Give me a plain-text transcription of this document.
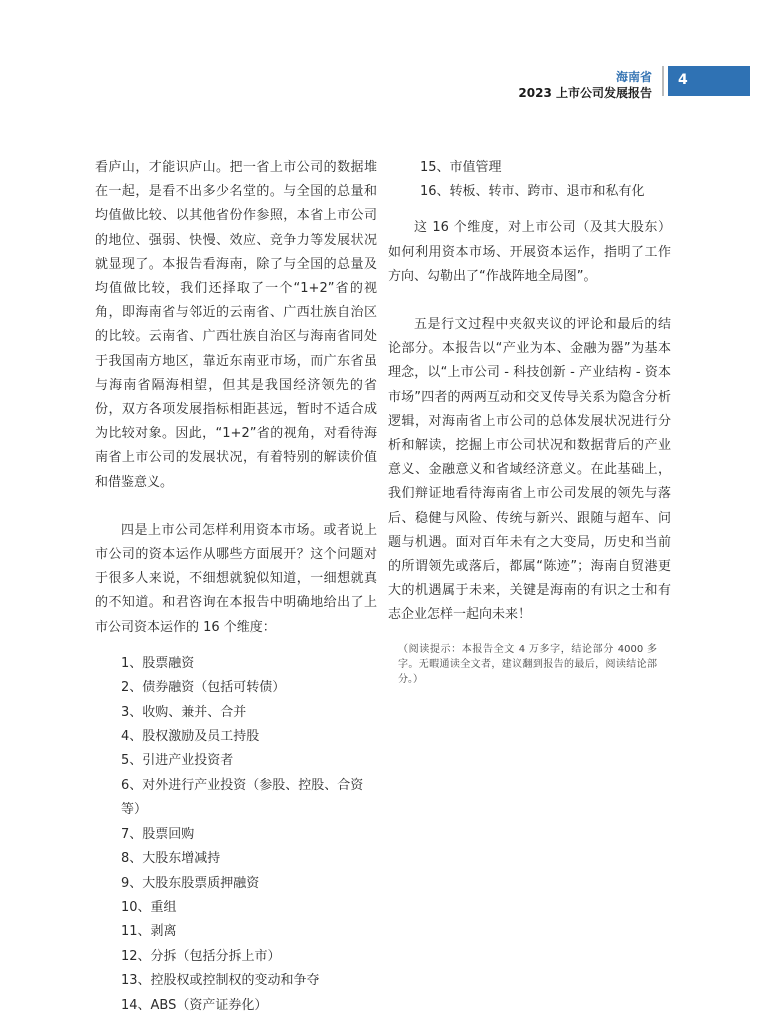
海南省
2023 上市公司发展报告
4

看庐山，才能识庐山。把一省上市公司的数据堆在一起，是看不出多少名堂的。与全国的总量和均值做比较、以其他省份作参照，本省上市公司的地位、强弱、快慢、效应、竞争力等发展状况就显现了。本报告看海南，除了与全国的总量及均值做比较，我们还择取了一个“1+2”省的视角，即海南省与邻近的云南省、广西壮族自治区的比较。云南省、广西壮族自治区与海南省同处于我国南方地区，靠近东南亚市场，而广东省虽与海南省隔海相望，但其是我国经济领先的省份，双方各项发展指标相距甚远，暂时不适合成为比较对象。因此，“1+2”省的视角，对看待海南省上市公司的发展状况，有着特别的解读价值和借鉴意义。

四是上市公司怎样利用资本市场。或者说上市公司的资本运作从哪些方面展开？这个问题对于很多人来说，不细想就貌似知道，一细想就真的不知道。和君咨询在本报告中明确地给出了上市公司资本运作的 16 个维度：

1、股票融资
2、债券融资（包括可转债）
3、收购、兼并、合并
4、股权激励及员工持股
5、引进产业投资者
6、对外进行产业投资（参股、控股、合资等）
7、股票回购
8、大股东增减持
9、大股东股票质押融资
10、重组
11、剥离
12、分拆（包括分拆上市）
13、控股权或控制权的变动和争夺
14、ABS（资产证券化）
15、市值管理
16、转板、转市、跨市、退市和私有化

这 16 个维度，对上市公司（及其大股东）如何利用资本市场、开展资本运作，指明了工作方向、勾勒出了“作战阵地全局图”。

五是行文过程中夹叙夹议的评论和最后的结论部分。本报告以“产业为本、金融为器”为基本理念，以“上市公司 - 科技创新 - 产业结构 - 资本市场”四者的两两互动和交叉传导关系为隐含分析逻辑，对海南省上市公司的总体发展状况进行分析和解读，挖掘上市公司状况和数据背后的产业意义、金融意义和省域经济意义。在此基础上，我们辩证地看待海南省上市公司发展的领先与落后、稳健与风险、传统与新兴、跟随与超车、问题与机遇。面对百年未有之大变局，历史和当前的所谓领先或落后，都属“陈迹”；海南自贸港更大的机遇属于未来，关键是海南的有识之士和有志企业怎样一起向未来！

（阅读提示：本报告全文 4 万多字，结论部分 4000 多字。无暇通读全文者，建议翻到报告的最后，阅读结论部分。）
